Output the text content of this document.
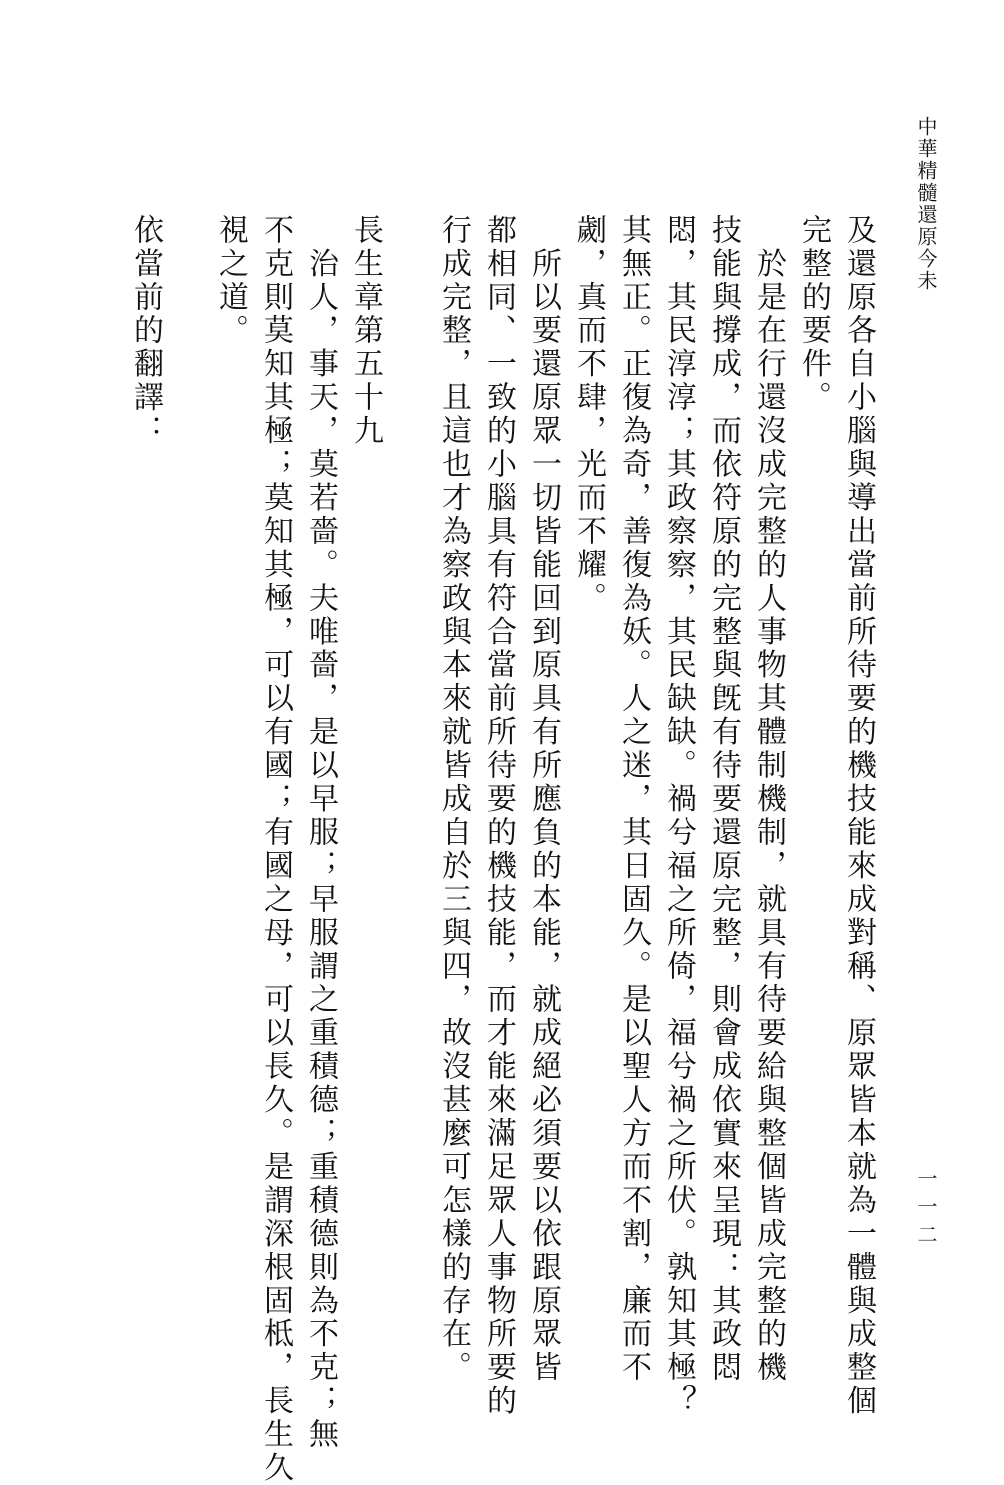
中華精髓還原今未
一一二
及還原各自小腦與導出當前所待要的機技能來成對稱、原眾皆本就為一體與成整個
完整的要件。
　於是在行還沒成完整的人事物其體制機制，就具有待要給與整個皆成完整的機
技能與撐成，而依符原的完整與旣有待要還原完整，則會成依實來呈現：其政悶
悶，其民淳淳；其政察察，其民缺缺。禍兮福之所倚，福兮禍之所伏。孰知其極？
其無正。正復為奇，善復為妖。人之迷，其日固久。是以聖人方而不割，廉而不
劌，真而不肆，光而不耀。
　所以要還原眾一切皆能回到原具有所應負的本能，就成絕必須要以依跟原眾皆
都相同、一致的小腦具有符合當前所待要的機技能，而才能來滿足眾人事物所要的
行成完整，且這也才為察政與本來就皆成自於三與四，故沒甚麼可怎樣的存在。
長生章第五十九
　治人，事天，莫若嗇。夫唯嗇，是以早服；早服謂之重積德；重積德則為不克；無
不克則莫知其極；莫知其極，可以有國；有國之母，可以長久。是謂深根固柢，長生久
視之道。
依當前的翻譯：
